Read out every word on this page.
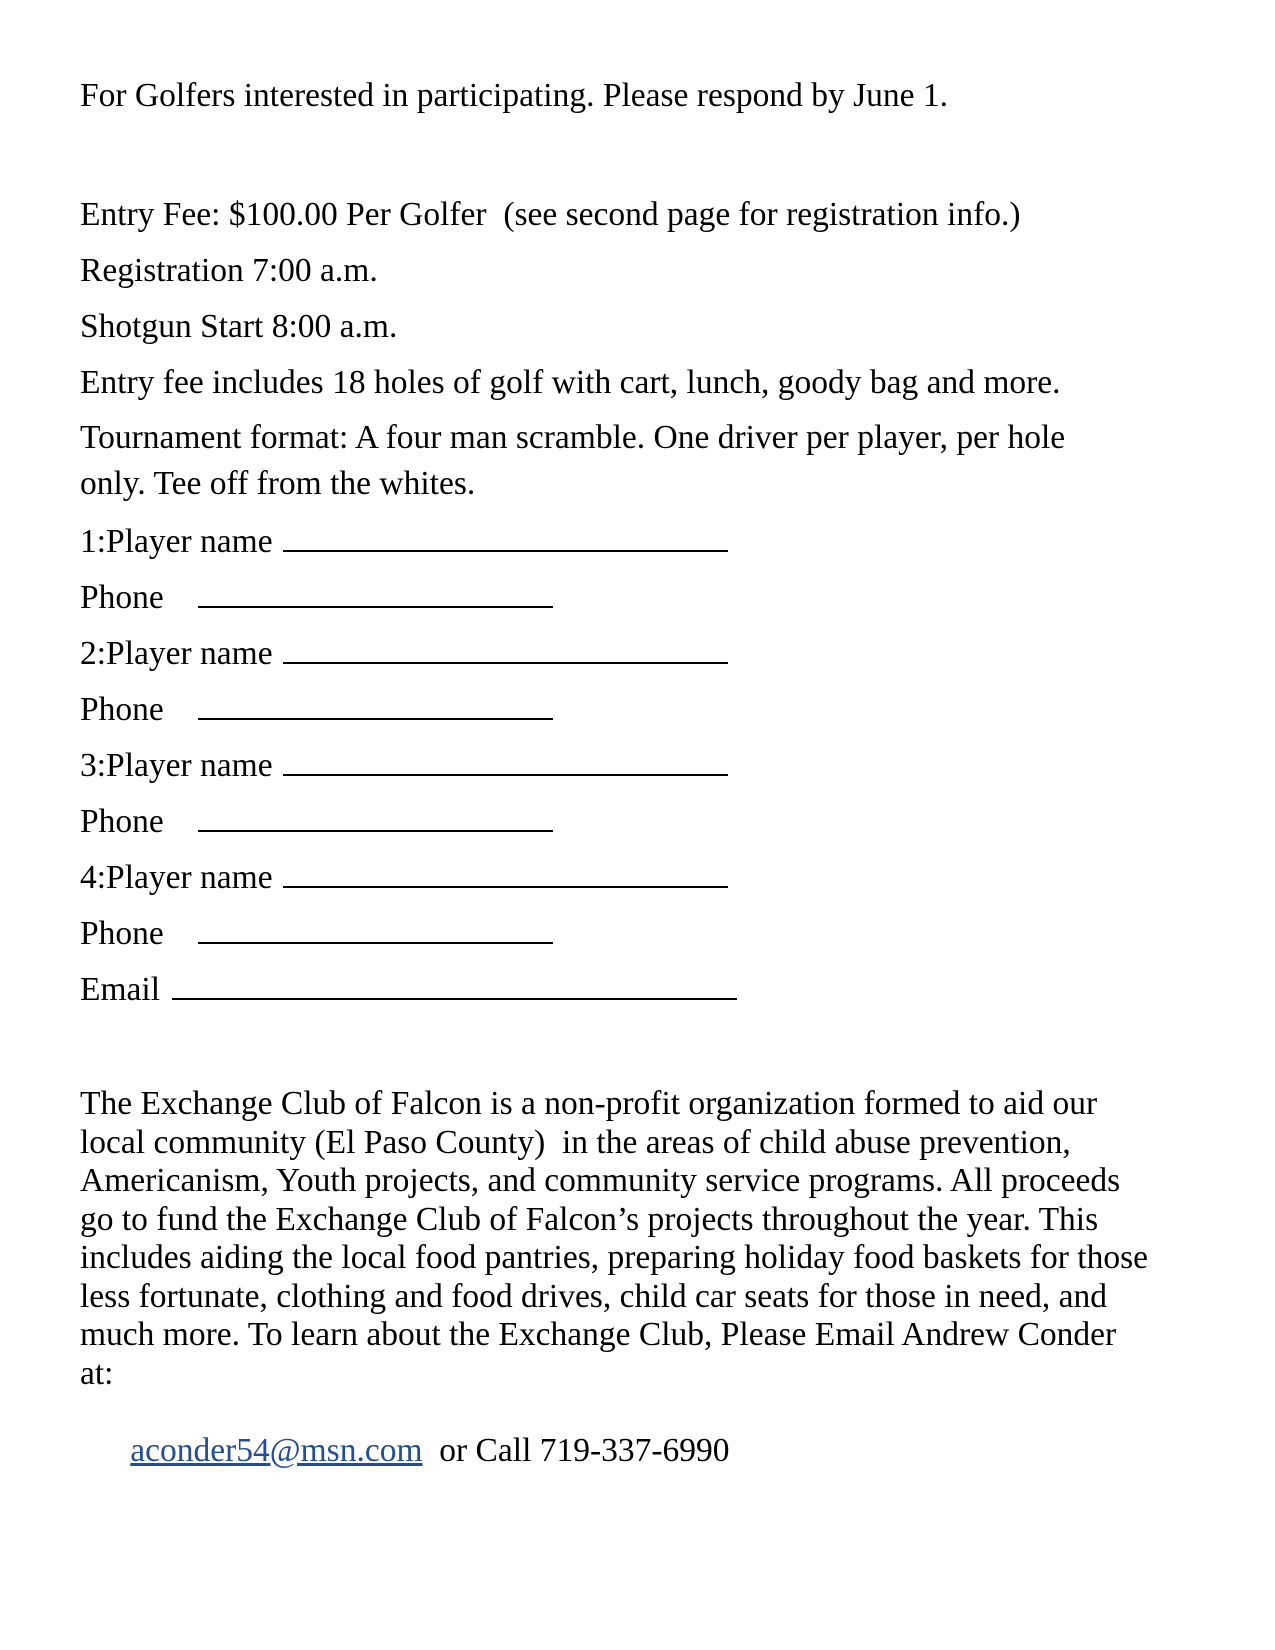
For Golfers interested in participating. Please respond by June 1.
Entry Fee: $100.00 Per Golfer  (see second page for registration info.)
Registration 7:00 a.m.
Shotgun Start 8:00 a.m.
Entry fee includes 18 holes of golf with cart, lunch, goody bag and more.
Tournament format: A four man scramble. One driver per player, per hole only. Tee off from the whites.
1:Player name
Phone
2:Player name
Phone
3:Player name
Phone
4:Player name
Phone
Email
The Exchange Club of Falcon is a non-profit organization formed to aid our local community (El Paso County)  in the areas of child abuse prevention, Americanism, Youth projects, and community service programs. All proceeds go to fund the Exchange Club of Falcon’s projects throughout the year. This includes aiding the local food pantries, preparing holiday food baskets for those less fortunate, clothing and food drives, child car seats for those in need, and much more. To learn about the Exchange Club, Please Email Andrew Conder at:

aconder54@msn.com  or Call 719-337-6990
